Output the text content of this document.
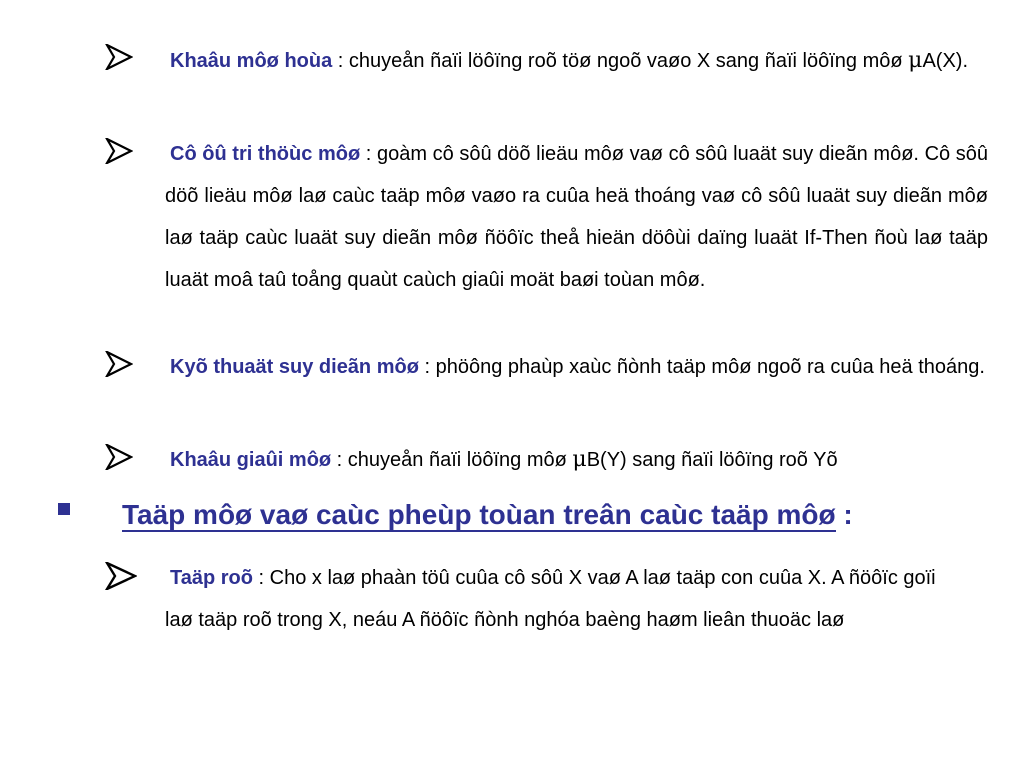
Khaâu môø hoùa : chuyeån ñaïi löôïng roõ töø ngoõ vaøo X sang ñaïi löôïng môø μA(X).
Cô ôû tri thöùc môø : goàm cô sôû döõ lieäu môø vaø cô sôû luaät suy dieãn môø. Cô sôû döõ lieäu môø laø caùc taäp môø vaøo ra cuûa heä thoáng vaø cô sôû luaät suy dieãn môø laø taäp caùc luaät suy dieãn môø ñöôïc theå hieän döôùi daïng luaät If-Then ñoù laø taäp luaät moâ taû toång quaùt caùch giaûi moät baøi toùan môø.
Kyõ thuaät suy dieãn môø : phöông phaùp xaùc ñònh taäp môø ngoõ ra cuûa heä thoáng.
Khaâu giaûi môø : chuyeån ñaïi löôïng môø μB(Y) sang ñaïi löôïng roõ Yõ
Taäp môø vaø caùc pheùp toùan treân caùc taäp môø :
Taäp roõ : Cho x laø phaàn töû cuûa cô sôû X vaø A laø taäp con cuûa X. A ñöôïc goïi laø taäp roõ trong X, neáu A ñöôïc ñònh nghóa baèng haøm lieân thuoäc laø
